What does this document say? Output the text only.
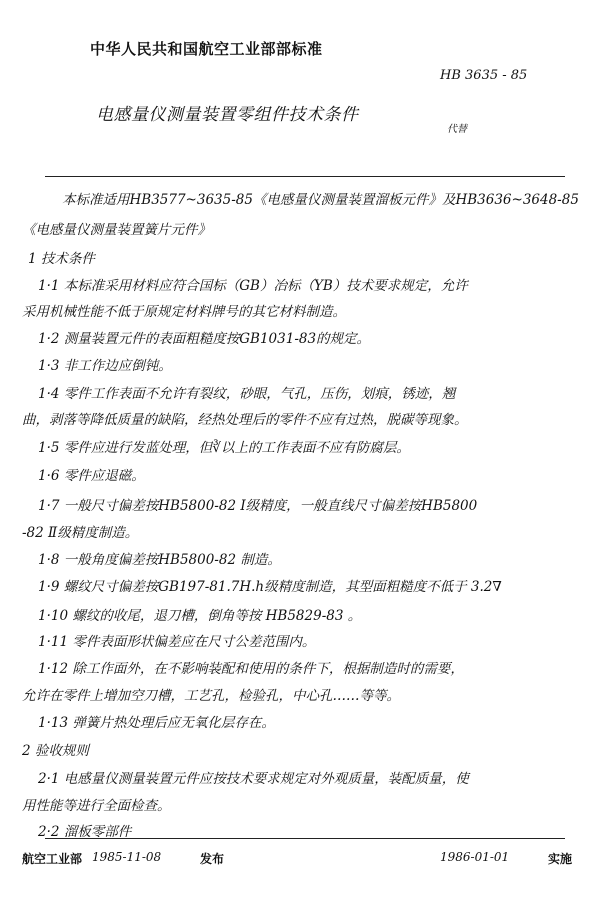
中华人民共和国航空工业部部标准
HB 3635 - 85
电感量仪测量装置零组件技术条件
代替
本标准适用HB3577~3635-85《电感量仪测量装置溜板元件》及HB3636~3648-85
《电感量仪测量装置簧片元件》
1 技术条件
1·1 本标准采用材料应符合国标（GB）冶标（YB）技术要求规定，允许
采用机械性能不低于原规定材料牌号的其它材料制造。
1·2 测量装置元件的表面粗糙度按GB1031-83的规定。
1·3 非工作边应倒钝。
1·4 零件工作表面不允许有裂纹，砂眼，气孔，压伤，划痕，锈迹，翘
曲，剥落等降低质量的缺陷，经热处理后的零件不应有过热，脱碳等现象。
1·5 零件应进行发蓝处理，但∛以上的工作表面不应有防腐层。
1·6 零件应退磁。
1·7 一般尺寸偏差按HB5800-82 Ⅰ级精度，一般直线尺寸偏差按HB5800
-82 Ⅱ级精度制造。
1·8 一般角度偏差按HB5800-82 制造。
1·9 螺纹尺寸偏差按GB197-81.7H.h级精度制造，其型面粗糙度不低于 3.2∇
1·10 螺纹的收尾，退刀槽，倒角等按 HB5829-83 。
1·11 零件表面形状偏差应在尺寸公差范围内。
1·12 除工作面外，在不影响装配和使用的条件下，根据制造时的需要，
允许在零件上增加空刀槽，工艺孔，检验孔，中心孔……等等。
1·13 弹簧片热处理后应无氧化层存在。
2 验收规则
2·1 电感量仪测量装置元件应按技术要求规定对外观质量，装配质量，使
用性能等进行全面检查。
2·2 溜板零部件
航空工业部 1985-11-08	发布	1986-01-01	实施
